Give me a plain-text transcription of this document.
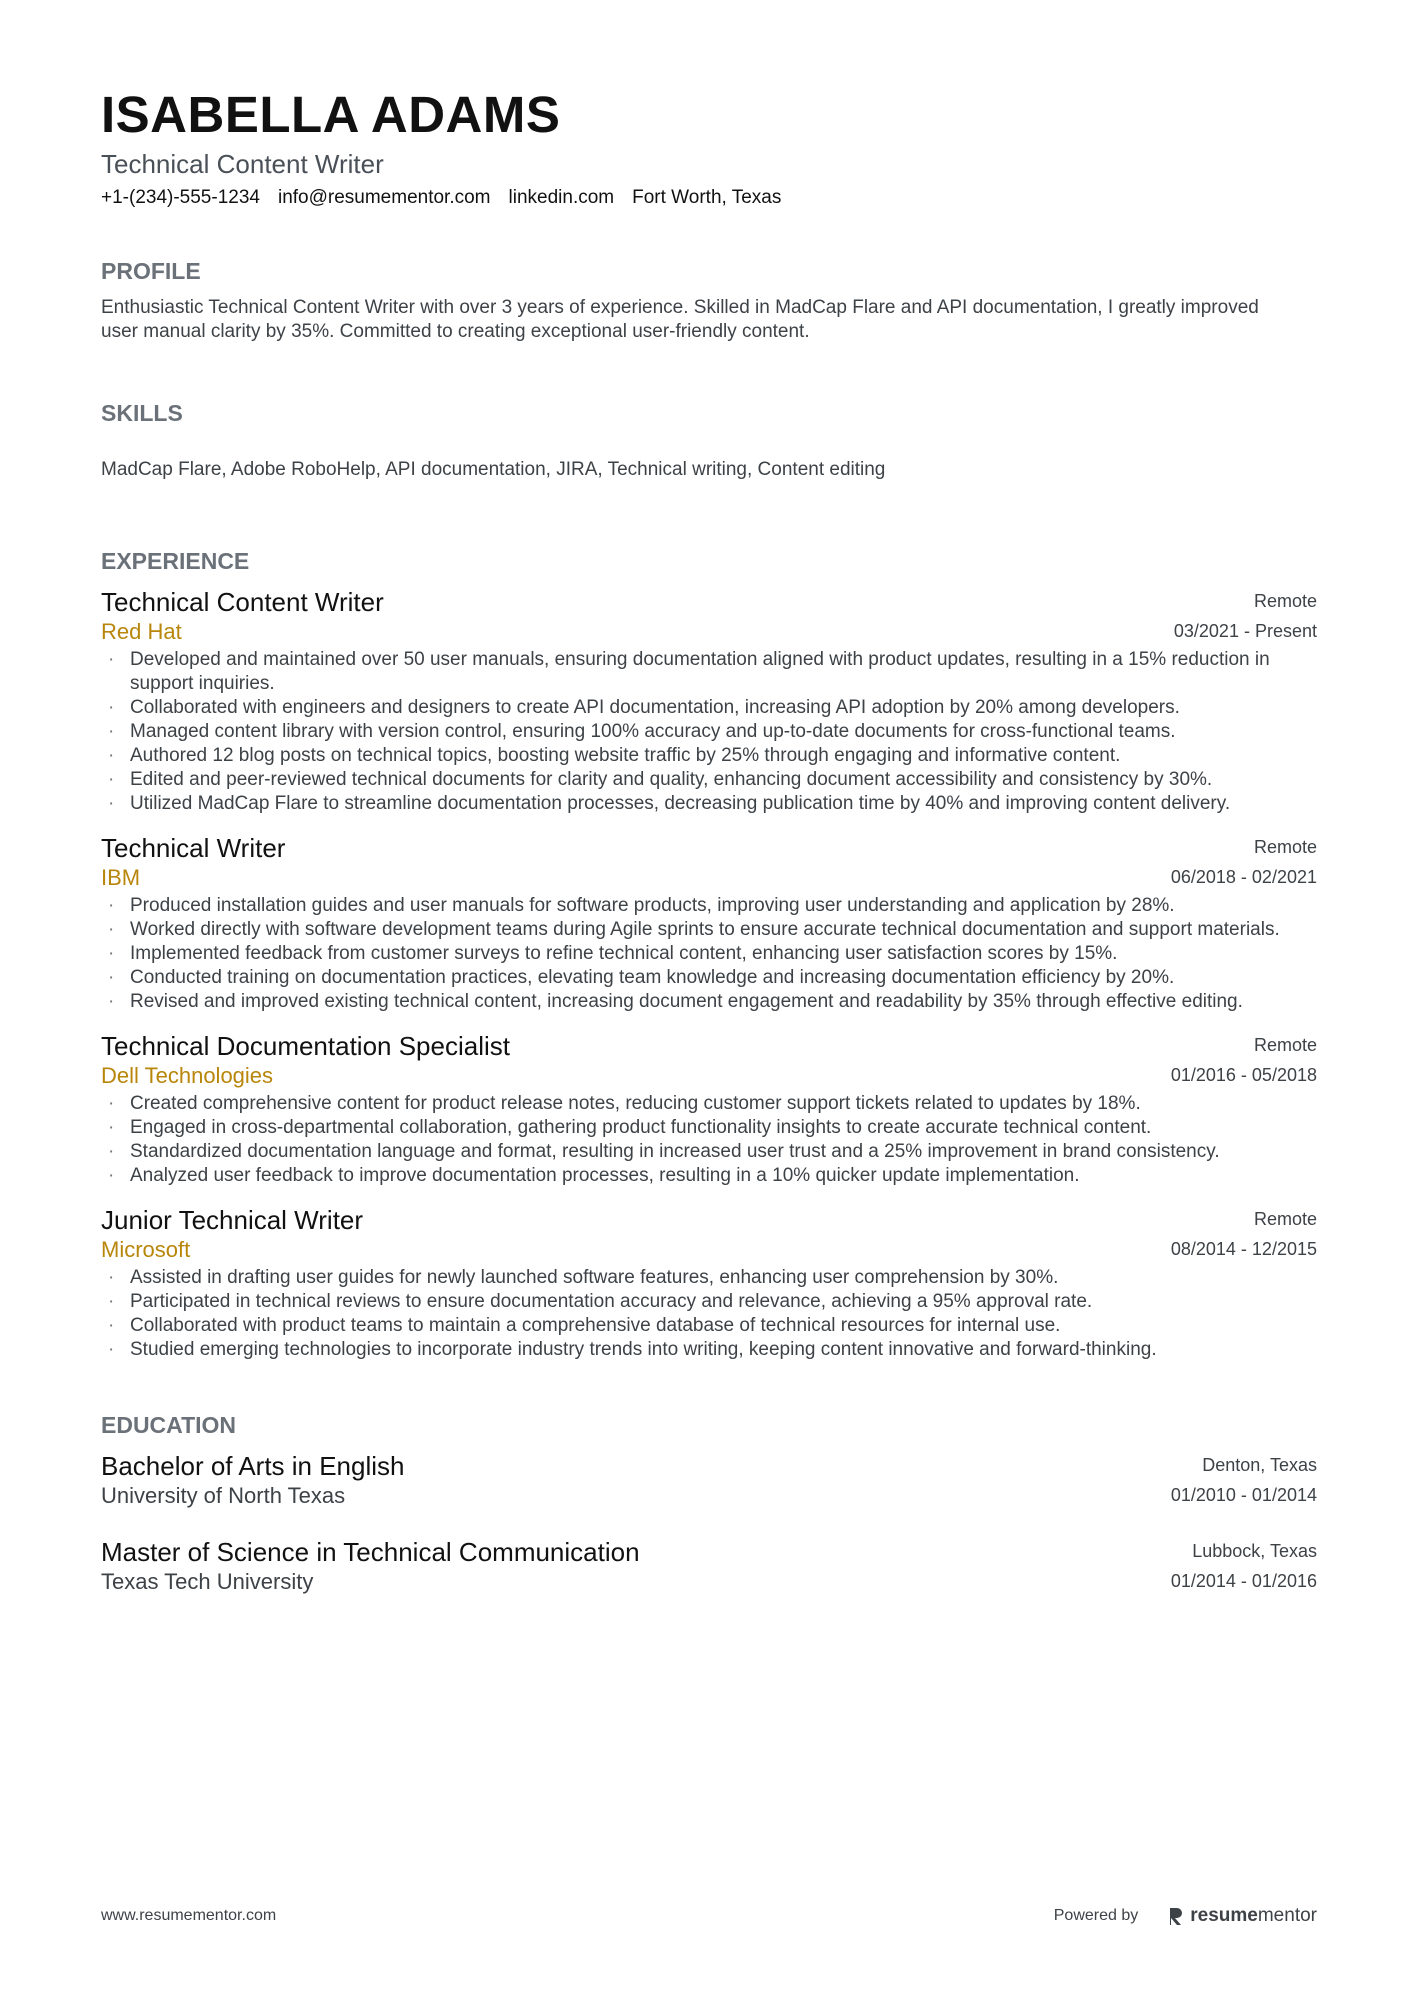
ISABELLA ADAMS
Technical Content Writer
+1-(234)-555-1234 info@resumementor.com linkedin.com Fort Worth, Texas
PROFILE
Enthusiastic Technical Content Writer with over 3 years of experience. Skilled in MadCap Flare and API documentation, I greatly improved user manual clarity by 35%. Committed to creating exceptional user-friendly content.
SKILLS
MadCap Flare, Adobe RoboHelp, API documentation, JIRA, Technical writing, Content editing
EXPERIENCE
Technical Content Writer
Red Hat
Remote
03/2021 - Present
· Developed and maintained over 50 user manuals, ensuring documentation aligned with product updates, resulting in a 15% reduction in support inquiries.
· Collaborated with engineers and designers to create API documentation, increasing API adoption by 20% among developers.
· Managed content library with version control, ensuring 100% accuracy and up-to-date documents for cross-functional teams.
· Authored 12 blog posts on technical topics, boosting website traffic by 25% through engaging and informative content.
· Edited and peer-reviewed technical documents for clarity and quality, enhancing document accessibility and consistency by 30%.
· Utilized MadCap Flare to streamline documentation processes, decreasing publication time by 40% and improving content delivery.
Technical Writer
IBM
Remote
06/2018 - 02/2021
· Produced installation guides and user manuals for software products, improving user understanding and application by 28%.
· Worked directly with software development teams during Agile sprints to ensure accurate technical documentation and support materials.
· Implemented feedback from customer surveys to refine technical content, enhancing user satisfaction scores by 15%.
· Conducted training on documentation practices, elevating team knowledge and increasing documentation efficiency by 20%.
· Revised and improved existing technical content, increasing document engagement and readability by 35% through effective editing.
Technical Documentation Specialist
Dell Technologies
Remote
01/2016 - 05/2018
· Created comprehensive content for product release notes, reducing customer support tickets related to updates by 18%.
· Engaged in cross-departmental collaboration, gathering product functionality insights to create accurate technical content.
· Standardized documentation language and format, resulting in increased user trust and a 25% improvement in brand consistency.
· Analyzed user feedback to improve documentation processes, resulting in a 10% quicker update implementation.
Junior Technical Writer
Microsoft
Remote
08/2014 - 12/2015
· Assisted in drafting user guides for newly launched software features, enhancing user comprehension by 30%.
· Participated in technical reviews to ensure documentation accuracy and relevance, achieving a 95% approval rate.
· Collaborated with product teams to maintain a comprehensive database of technical resources for internal use.
· Studied emerging technologies to incorporate industry trends into writing, keeping content innovative and forward-thinking.
EDUCATION
Bachelor of Arts in English
University of North Texas
Denton, Texas
01/2010 - 01/2014
Master of Science in Technical Communication
Texas Tech University
Lubbock, Texas
01/2014 - 01/2016
www.resumementor.com	Powered by	resumementor
